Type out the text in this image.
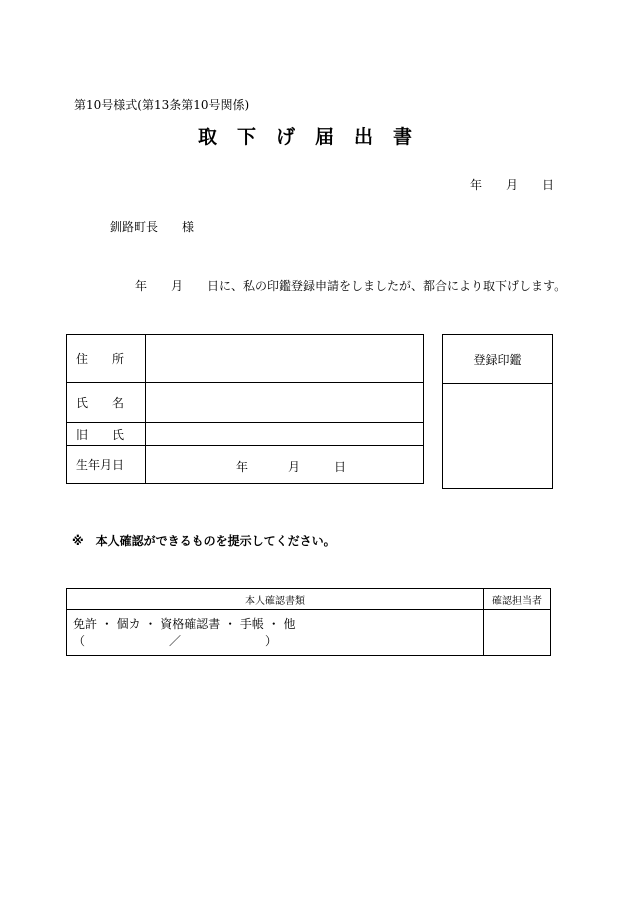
第10号様式(第13条第10号関係)
取下げ届出書
年 月 日
釧路町長　　様
年 月 日に、私の印鑑登録申請をしましたが、都合により取下げします。
住　　所	
氏　　名	
旧　　氏	
生年月日	年 月 日
登録印鑑

※　本人確認ができるものを提示してください。
本人確認書類	確認担当者

免許 ・ 個カ ・ 資格確認書 ・ 手帳 ・ 他
（　　　　　　　／　　　　　　　）	
